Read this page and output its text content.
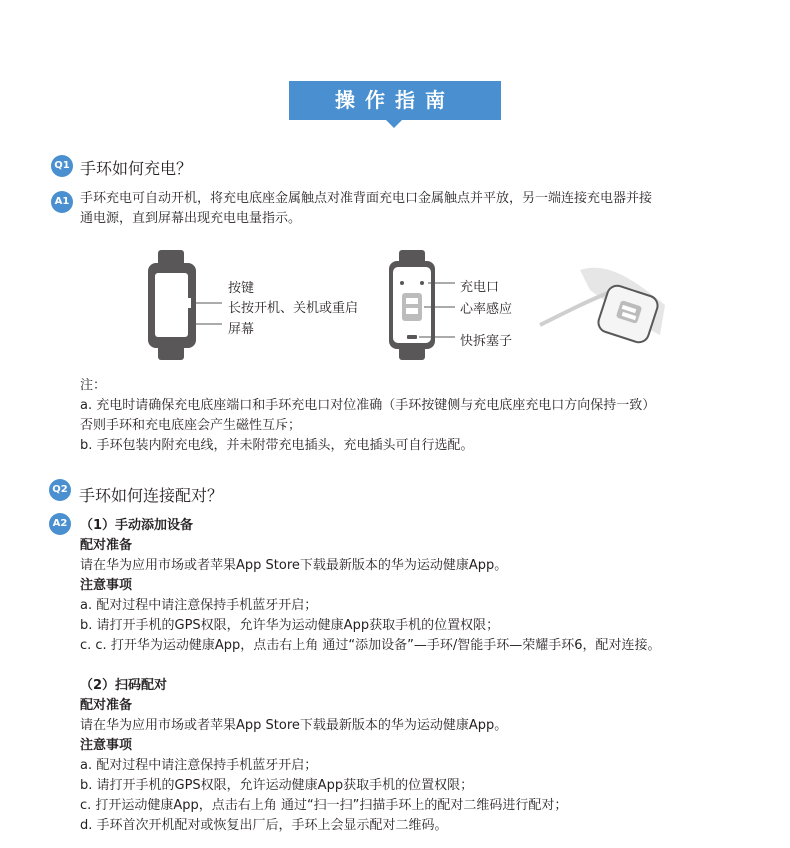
操作指南
Q1 手环如何充电？
A1 手环充电可自动开机，将充电底座金属触点对准背面充电口金属触点并平放，另一端连接充电器并接
通电源，直到屏幕出现充电电量指示。
按键
长按开机、关机或重启
屏幕
充电口
心率感应
快拆塞子
注：
a. 充电时请确保充电底座端口和手环充电口对位准确（手环按键侧与充电底座充电口方向保持一致）
否则手环和充电底座会产生磁性互斥；
b. 手环包装内附充电线，并未附带充电插头，充电插头可自行选配。
Q2 手环如何连接配对？
A2 （1）手动添加设备
配对准备
请在华为应用市场或者苹果App Store下载最新版本的华为运动健康App。
注意事项
a. 配对过程中请注意保持手机蓝牙开启；
b. 请打开手机的GPS权限，允许华为运动健康App获取手机的位置权限；
c. c. 打开华为运动健康App，点击右上角 通过“添加设备”—手环/智能手环—荣耀手环6，配对连接。
（2）扫码配对
配对准备
请在华为应用市场或者苹果App Store下载最新版本的华为运动健康App。
注意事项
a. 配对过程中请注意保持手机蓝牙开启；
b. 请打开手机的GPS权限，允许运动健康App获取手机的位置权限；
c. 打开运动健康App，点击右上角 通过“扫一扫”扫描手环上的配对二维码进行配对；
d. 手环首次开机配对或恢复出厂后，手环上会显示配对二维码。
